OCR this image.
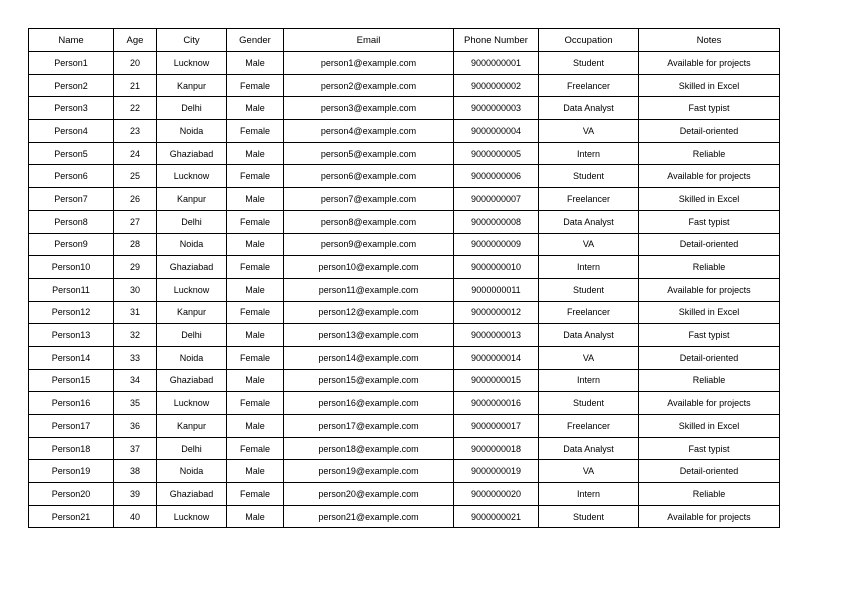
Name	Age	City	Gender	Email	Phone Number	Occupation	Notes
Person1	20	Lucknow	Male	person1@example.com	9000000001	Student	Available for projects
Person2	21	Kanpur	Female	person2@example.com	9000000002	Freelancer	Skilled in Excel
Person3	22	Delhi	Male	person3@example.com	9000000003	Data Analyst	Fast typist
Person4	23	Noida	Female	person4@example.com	9000000004	VA	Detail-oriented
Person5	24	Ghaziabad	Male	person5@example.com	9000000005	Intern	Reliable
Person6	25	Lucknow	Female	person6@example.com	9000000006	Student	Available for projects
Person7	26	Kanpur	Male	person7@example.com	9000000007	Freelancer	Skilled in Excel
Person8	27	Delhi	Female	person8@example.com	9000000008	Data Analyst	Fast typist
Person9	28	Noida	Male	person9@example.com	9000000009	VA	Detail-oriented
Person10	29	Ghaziabad	Female	person10@example.com	9000000010	Intern	Reliable
Person11	30	Lucknow	Male	person11@example.com	9000000011	Student	Available for projects
Person12	31	Kanpur	Female	person12@example.com	9000000012	Freelancer	Skilled in Excel
Person13	32	Delhi	Male	person13@example.com	9000000013	Data Analyst	Fast typist
Person14	33	Noida	Female	person14@example.com	9000000014	VA	Detail-oriented
Person15	34	Ghaziabad	Male	person15@example.com	9000000015	Intern	Reliable
Person16	35	Lucknow	Female	person16@example.com	9000000016	Student	Available for projects
Person17	36	Kanpur	Male	person17@example.com	9000000017	Freelancer	Skilled in Excel
Person18	37	Delhi	Female	person18@example.com	9000000018	Data Analyst	Fast typist
Person19	38	Noida	Male	person19@example.com	9000000019	VA	Detail-oriented
Person20	39	Ghaziabad	Female	person20@example.com	9000000020	Intern	Reliable
Person21	40	Lucknow	Male	person21@example.com	9000000021	Student	Available for projects
